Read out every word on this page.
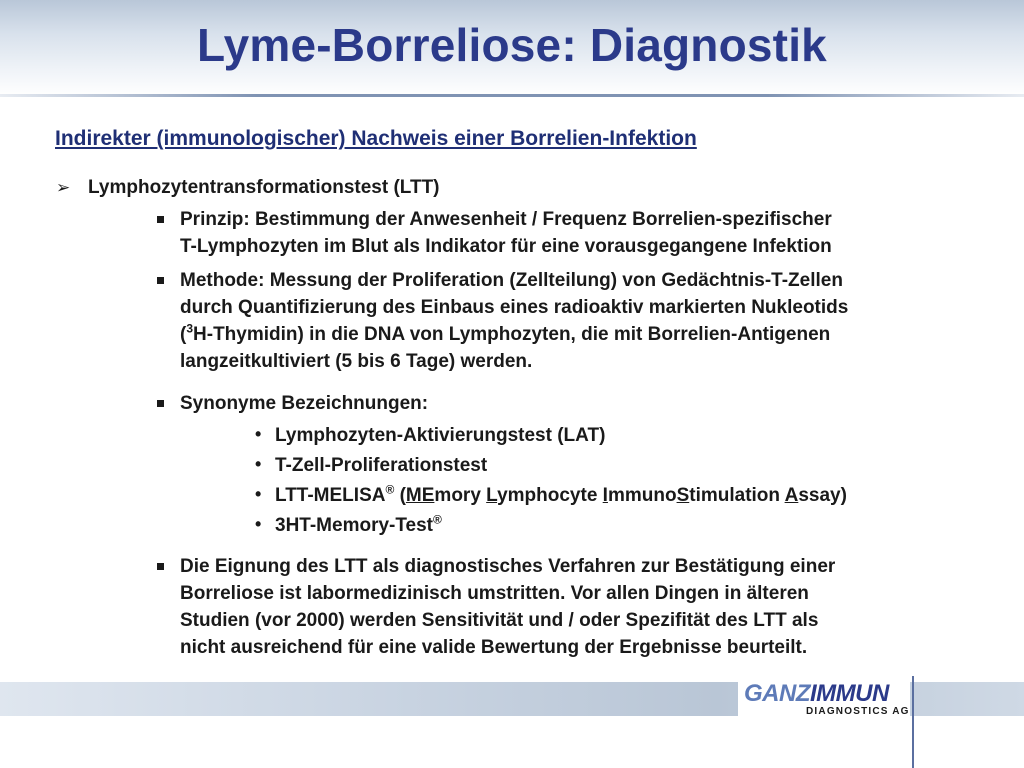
Lyme-Borreliose: Diagnostik
Indirekter (immunologischer) Nachweis einer Borrelien-Infektion
➢ Lymphozytentransformationstest (LTT)
Prinzip: Bestimmung der Anwesenheit / Frequenz Borrelien-spezifischer
T-Lymphozyten im Blut als Indikator für eine vorausgegangene Infektion
Methode: Messung der Proliferation (Zellteilung) von Gedächtnis-T-Zellen
durch Quantifizierung des Einbaus eines radioaktiv markierten Nukleotids
($^3$H-Thymidin) in die DNA von Lymphozyten, die mit Borrelien-Antigenen
langzeitkultiviert (5 bis 6 Tage) werden.
Synonyme Bezeichnungen:
• Lymphozyten-Aktivierungstest (LAT)
• T-Zell-Proliferationstest
• LTT-MELISA® (MEmory Lymphocyte ImmunoStimulation Assay)
• 3HT-Memory-Test®
Die Eignung des LTT als diagnostisches Verfahren zur Bestätigung einer
Borreliose ist labormedizinisch umstritten. Vor allen Dingen in älteren
Studien (vor 2000) werden Sensitivität und / oder Spezifität des LTT als
nicht ausreichend für eine valide Bewertung der Ergebnisse beurteilt.
GANZIMMUN
DIAGNOSTICS AG
